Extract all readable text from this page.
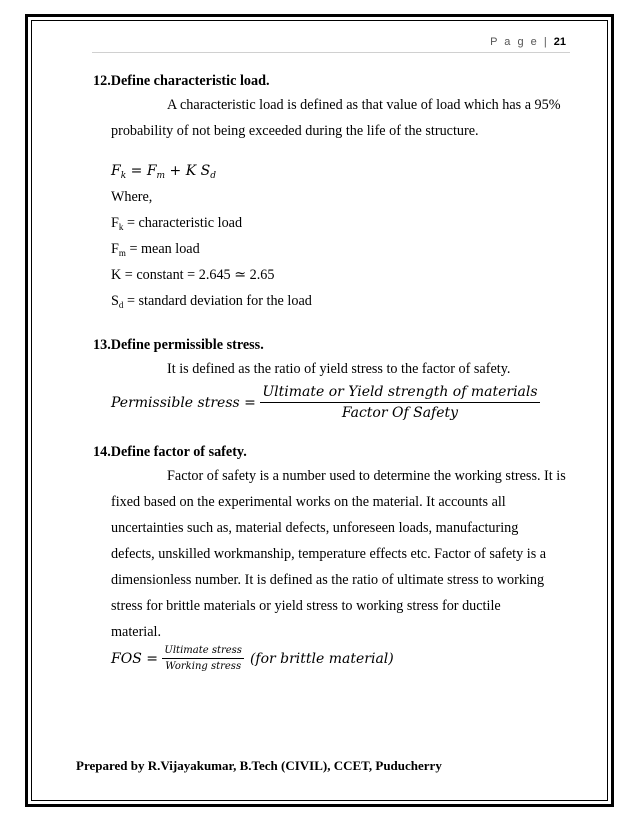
P a g e | 21

12.Define characteristic load.

A characteristic load is defined as that value of load which has a 95%

probability of not being exceeded during the life of the structure.

$F_k = F_m + K$ $S_d$

Where,

$F_k$ = characteristic load

$F_m$ = mean load

K = constant = 2.645 ≃ 2.65

$S_d$ = standard deviation for the load

13.Define permissible stress.

It is defined as the ratio of yield stress to the factor of safety.

Permissible stress = $\frac{\text{Ultimate or Yield strength of materials}}{\text{Factor Of Safety}}$

14.Define factor of safety.

Factor of safety is a number used to determine the working stress. It is

fixed based on the experimental works on the material. It accounts all

uncertainties such as, material defects, unforeseen loads, manufacturing

defects, unskilled workmanship, temperature effects etc. Factor of safety is a

dimensionless number. It is defined as the ratio of ultimate stress to working

stress for brittle materials or yield stress to working stress for ductile

material.

FOS = $\frac{\text{Ultimate stress}}{\text{Working stress}} (for$ brittle material)
Prepared by R.Vijayakumar, B.Tech (CIVIL), CCET, Puducherry
